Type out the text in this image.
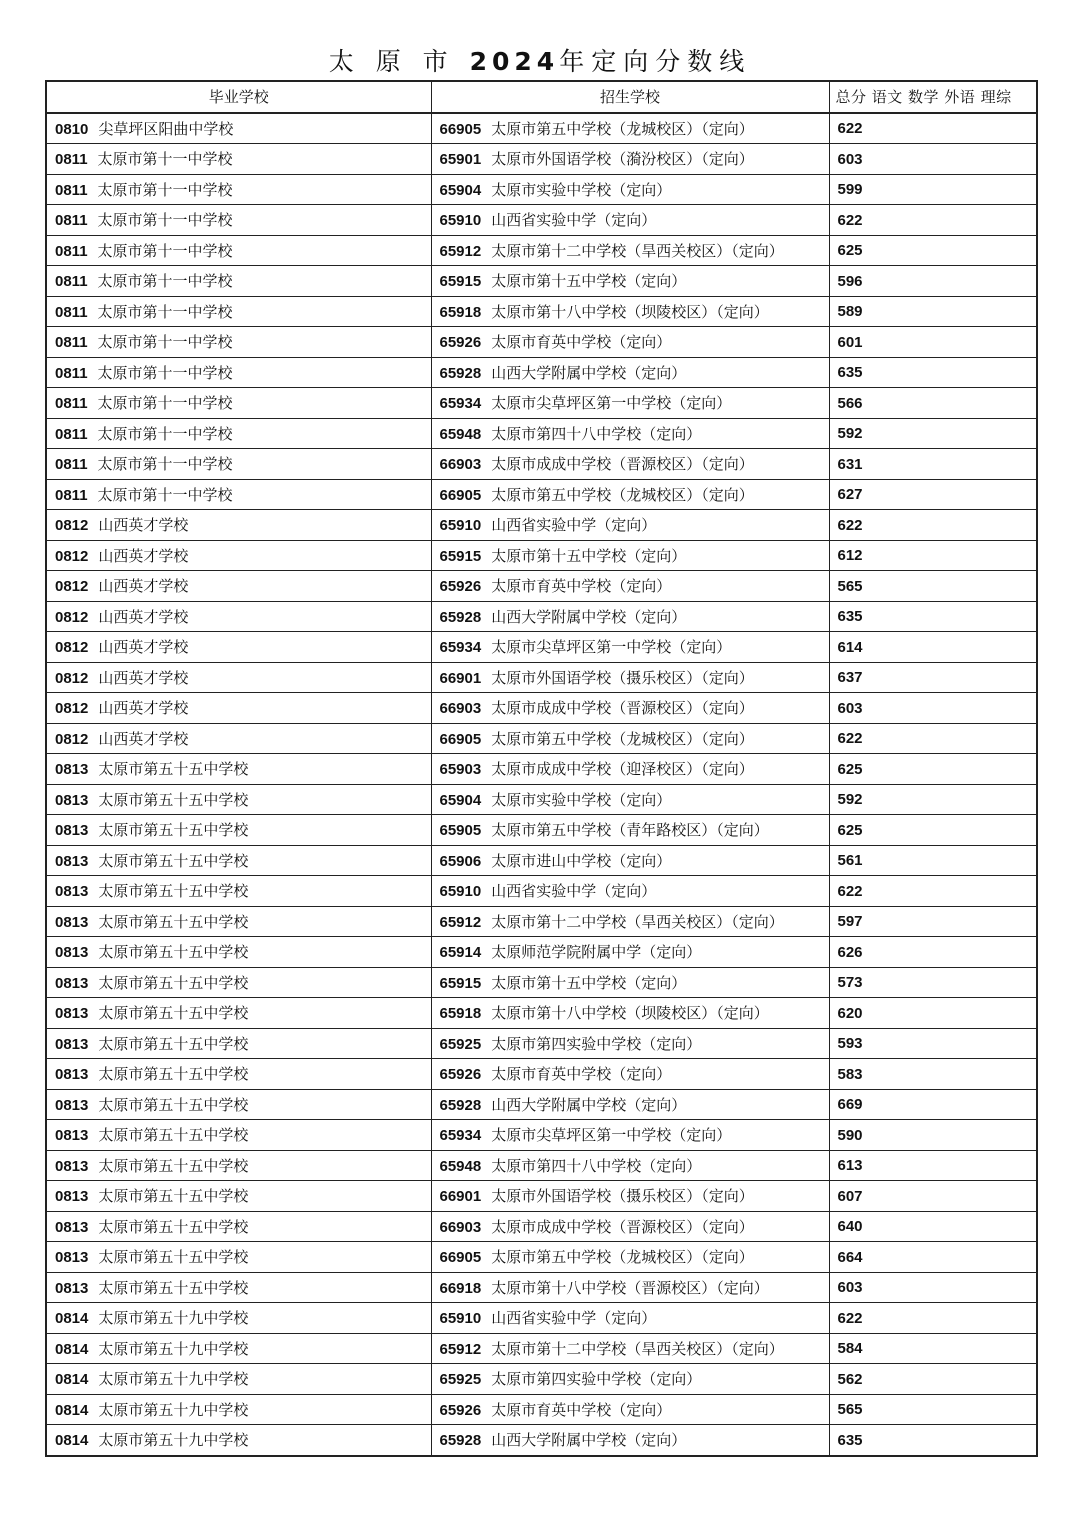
太 原 市 2024年定向分数线
毕业学校	招生学校	总分 语文 数学 外语 理综
0810 尖草坪区阳曲中学校	66905 太原市第五中学校（龙城校区）（定向）	622
0811 太原市第十一中学校	65901 太原市外国语学校（漪汾校区）（定向）	603
0811 太原市第十一中学校	65904 太原市实验中学校（定向）	599
0811 太原市第十一中学校	65910 山西省实验中学（定向）	622
0811 太原市第十一中学校	65912 太原市第十二中学校（旱西关校区）（定向）	625
0811 太原市第十一中学校	65915 太原市第十五中学校（定向）	596
0811 太原市第十一中学校	65918 太原市第十八中学校（坝陵校区）（定向）	589
0811 太原市第十一中学校	65926 太原市育英中学校（定向）	601
0811 太原市第十一中学校	65928 山西大学附属中学校（定向）	635
0811 太原市第十一中学校	65934 太原市尖草坪区第一中学校（定向）	566
0811 太原市第十一中学校	65948 太原市第四十八中学校（定向）	592
0811 太原市第十一中学校	66903 太原市成成中学校（晋源校区）（定向）	631
0811 太原市第十一中学校	66905 太原市第五中学校（龙城校区）（定向）	627
0812 山西英才学校	65910 山西省实验中学（定向）	622
0812 山西英才学校	65915 太原市第十五中学校（定向）	612
0812 山西英才学校	65926 太原市育英中学校（定向）	565
0812 山西英才学校	65928 山西大学附属中学校（定向）	635
0812 山西英才学校	65934 太原市尖草坪区第一中学校（定向）	614
0812 山西英才学校	66901 太原市外国语学校（摄乐校区）（定向）	637
0812 山西英才学校	66903 太原市成成中学校（晋源校区）（定向）	603
0812 山西英才学校	66905 太原市第五中学校（龙城校区）（定向）	622
0813 太原市第五十五中学校	65903 太原市成成中学校（迎泽校区）（定向）	625
0813 太原市第五十五中学校	65904 太原市实验中学校（定向）	592
0813 太原市第五十五中学校	65905 太原市第五中学校（青年路校区）（定向）	625
0813 太原市第五十五中学校	65906 太原市进山中学校（定向）	561
0813 太原市第五十五中学校	65910 山西省实验中学（定向）	622
0813 太原市第五十五中学校	65912 太原市第十二中学校（旱西关校区）（定向）	597
0813 太原市第五十五中学校	65914 太原师范学院附属中学（定向）	626
0813 太原市第五十五中学校	65915 太原市第十五中学校（定向）	573
0813 太原市第五十五中学校	65918 太原市第十八中学校（坝陵校区）（定向）	620
0813 太原市第五十五中学校	65925 太原市第四实验中学校（定向）	593
0813 太原市第五十五中学校	65926 太原市育英中学校（定向）	583
0813 太原市第五十五中学校	65928 山西大学附属中学校（定向）	669
0813 太原市第五十五中学校	65934 太原市尖草坪区第一中学校（定向）	590
0813 太原市第五十五中学校	65948 太原市第四十八中学校（定向）	613
0813 太原市第五十五中学校	66901 太原市外国语学校（摄乐校区）（定向）	607
0813 太原市第五十五中学校	66903 太原市成成中学校（晋源校区）（定向）	640
0813 太原市第五十五中学校	66905 太原市第五中学校（龙城校区）（定向）	664
0813 太原市第五十五中学校	66918 太原市第十八中学校（晋源校区）（定向）	603
0814 太原市第五十九中学校	65910 山西省实验中学（定向）	622
0814 太原市第五十九中学校	65912 太原市第十二中学校（旱西关校区）（定向）	584
0814 太原市第五十九中学校	65925 太原市第四实验中学校（定向）	562
0814 太原市第五十九中学校	65926 太原市育英中学校（定向）	565
0814 太原市第五十九中学校	65928 山西大学附属中学校（定向）	635
